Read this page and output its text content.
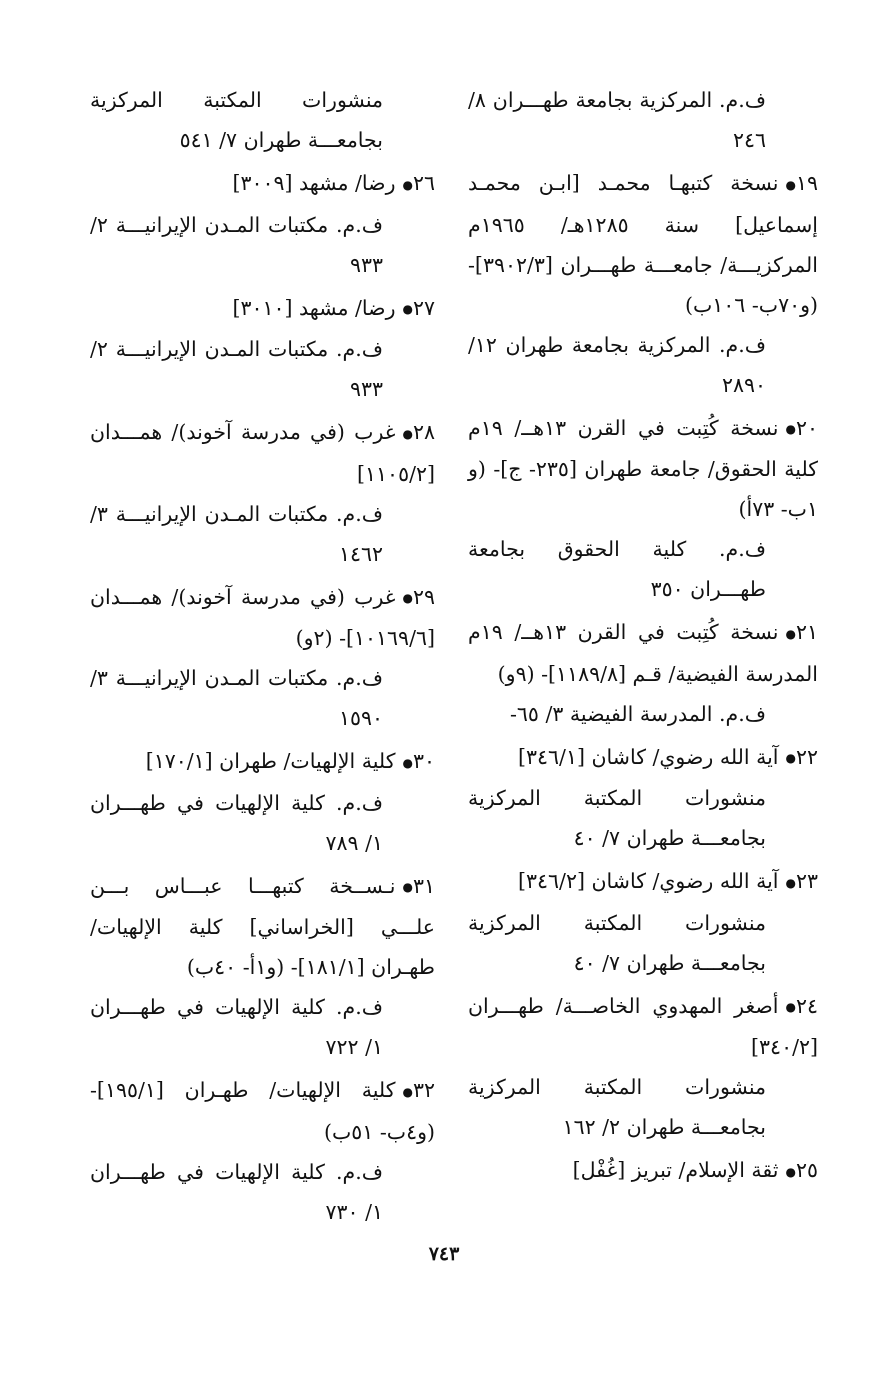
ف.م. المركزية بجامعة طهـــران ٨/ ٢٤٦

١٩●نسخة كتبهـا محمـد [ابـن محمـد إسماعيل] سنة ١٢٨٥هـ/ ١٩٦٥م المركزيـــة/ جامعـــة طهـــران [٣٩٠٢/٣]- (و٧٠ب- ١٠٦ب)

ف.م. المركزية بجامعة طهران ١٢/ ٢٨٩٠

٢٠●نسخة كُتِبت في القرن ١٣هــ/ ١٩م كلية الحقوق/ جامعة طهران [٢٣٥- ج]- (و ١ب- ٧٣أ)

ف.م. كلية الحقوق بجامعة طهـــران ٣٥٠

٢١●نسخة كُتِبت في القرن ١٣هــ/ ١٩م المدرسة الفيضية/ قـم [١١٨٩/٨]- (٩و)

ف.م. المدرسة الفيضية ٣/ ٦٥-

٢٢●آية الله رضوي/ كاشان [٣٤٦/١]

منشورات المكتبة المركزية بجامعـــة طهران ٧/ ٤٠

٢٣●آية الله رضوي/ كاشان [٣٤٦/٢]

منشورات المكتبة المركزية بجامعـــة طهران ٧/ ٤٠

٢٤●أصغر المهدوي الخاصـــة/ طهـــران [٣٤٠/٢]

منشورات المكتبة المركزية بجامعـــة طهران ٢/ ١٦٢

٢٥●ثقة الإسلام/ تبريز [غُفْل]

منشورات المكتبة المركزية بجامعـــة طهران ٧/ ٥٤١

٢٦●رضا/ مشهد [٣٠٠٩]

ف.م. مكتبات المـدن الإيرانيـــة ٢/ ٩٣٣

٢٧●رضا/ مشهد [٣٠١٠]

ف.م. مكتبات المـدن الإيرانيـــة ٢/ ٩٣٣

٢٨●غرب (في مدرسة آخوند)/ همـــدان [١١٠٥/٢]

ف.م. مكتبات المـدن الإيرانيـــة ٣/ ١٤٦٢

٢٩●غرب (في مدرسة آخوند)/ همـــدان [١٠١٦٩/٦]- (٢و)

ف.م. مكتبات المـدن الإيرانيـــة ٣/ ١٥٩٠

٣٠●كلية الإلهيات/ طهران [١٧٠/١]

ف.م. كلية الإلهيات في طهـــران ١/ ٧٨٩

٣١●نـســخة كتبهـــا عبـــاس بـــن علـــي [الخراساني] كلية الإلهيات/ طهـران [١٨١/١]- (و١أ- ٤٠ب)

ف.م. كلية الإلهيات في طهـــران ١/ ٧٢٢

٣٢●كلية الإلهيات/ طهـران [١٩٥/١]- (و٤ب- ٥١ب)

ف.م. كلية الإلهيات في طهـــران ١/ ٧٣٠

٧٤٣
